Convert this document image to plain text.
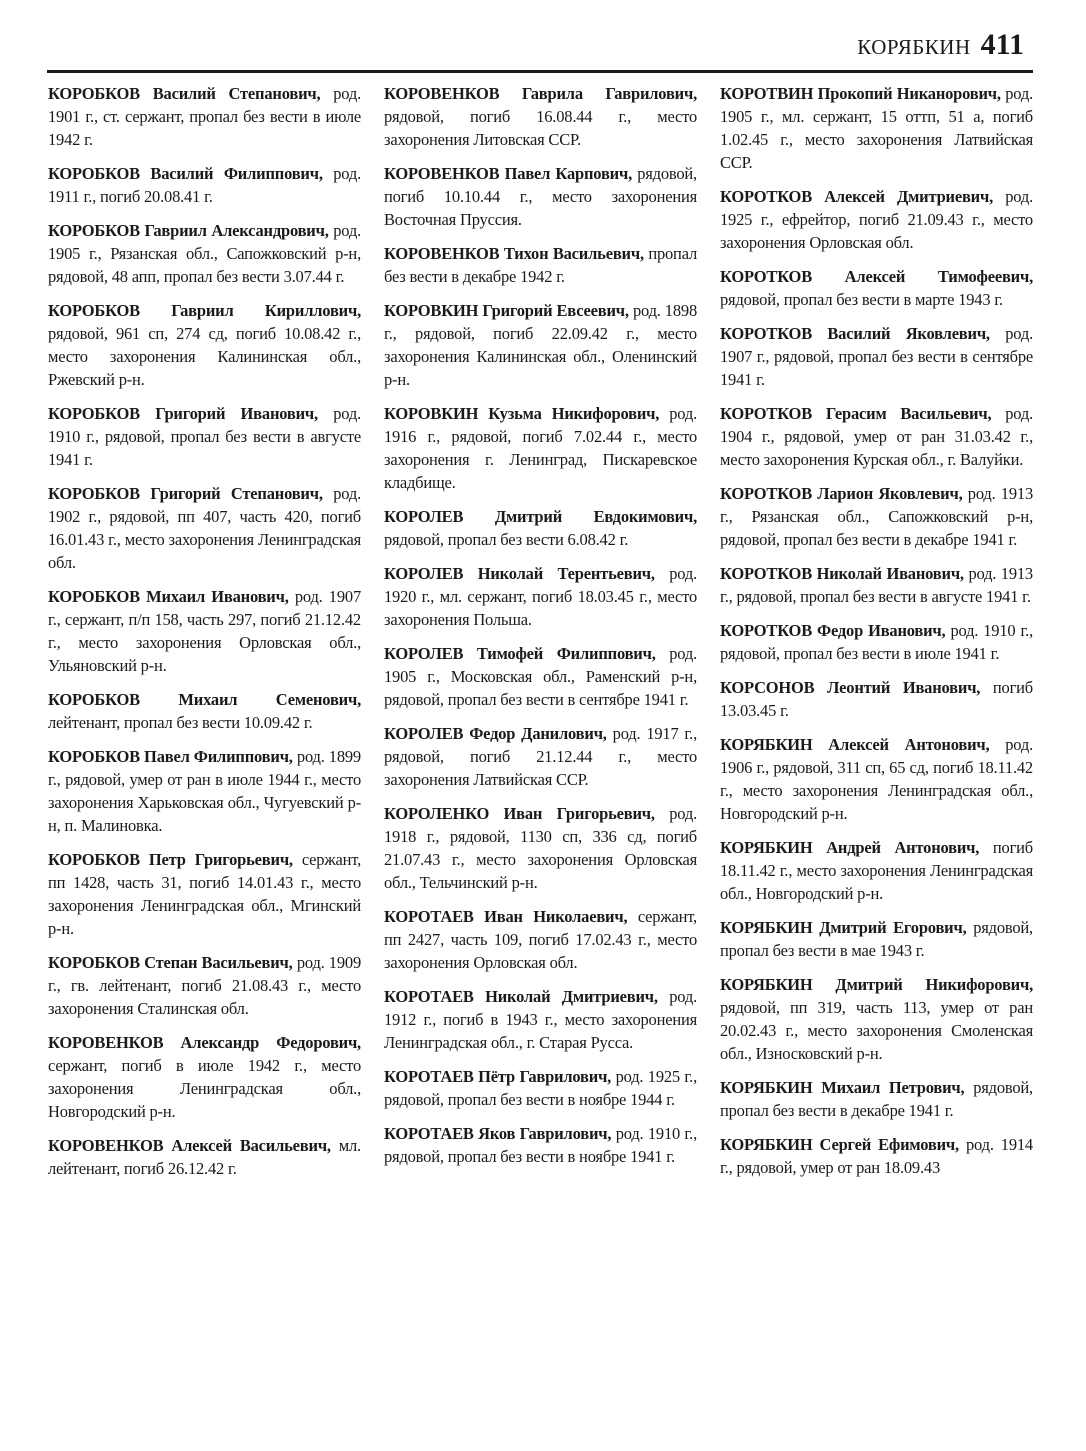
КОРЯБКИН 411

КОРОБКОВ Василий Степанович, род. 1901 г., ст. сержант, пропал без вести в июле 1942 г.

КОРОБКОВ Василий Филиппович, род. 1911 г., погиб 20.08.41 г.

КОРОБКОВ Гавриил Александрович, род. 1905 г., Рязанская обл., Сапожковский р-н, рядовой, 48 апп, пропал без вести 3.07.44 г.

КОРОБКОВ Гавриил Кириллович, рядовой, 961 сп, 274 сд, погиб 10.08.42 г., место захоронения Калининская обл., Ржевский р-н.

КОРОБКОВ Григорий Иванович, род. 1910 г., рядовой, пропал без вести в августе 1941 г.

КОРОБКОВ Григорий Степанович, род. 1902 г., рядовой, пп 407, часть 420, погиб 16.01.43 г., место захоронения Ленинградская обл.

КОРОБКОВ Михаил Иванович, род. 1907 г., сержант, п/п 158, часть 297, погиб 21.12.42 г., место захоронения Орловская обл., Ульяновский р-н.

КОРОБКОВ Михаил Семенович, лейтенант, пропал без вести 10.09.42 г.

КОРОБКОВ Павел Филиппович, род. 1899 г., рядовой, умер от ран в июле 1944 г., место захоронения Харьковская обл., Чугуевский р-н, п. Малиновка.

КОРОБКОВ Петр Григорьевич, сержант, пп 1428, часть 31, погиб 14.01.43 г., место захоронения Ленинградская обл., Мгинский р-н.

КОРОБКОВ Степан Васильевич, род. 1909 г., гв. лейтенант, погиб 21.08.43 г., место захоронения Сталинская обл.

КОРОВЕНКОВ Александр Федорович, сержант, погиб в июле 1942 г., место захоронения Ленинградская обл., Новгородский р-н.

КОРОВЕНКОВ Алексей Васильевич, мл. лейтенант, погиб 26.12.42 г.

КОРОВЕНКОВ Гаврила Гаврилович, рядовой, погиб 16.08.44 г., место захоронения Литовская ССР.

КОРОВЕНКОВ Павел Карпович, рядовой, погиб 10.10.44 г., место захоронения Восточная Пруссия.

КОРОВЕНКОВ Тихон Васильевич, пропал без вести в декабре 1942 г.

КОРОВКИН Григорий Евсеевич, род. 1898 г., рядовой, погиб 22.09.42 г., место захоронения Калининская обл., Оленинский р-н.

КОРОВКИН Кузьма Никифорович, род. 1916 г., рядовой, погиб 7.02.44 г., место захоронения г. Ленинград, Пискаревское кладбище.

КОРОЛЕВ Дмитрий Евдокимович, рядовой, пропал без вести 6.08.42 г.

КОРОЛЕВ Николай Терентьевич, род. 1920 г., мл. сержант, погиб 18.03.45 г., место захоронения Польша.

КОРОЛЕВ Тимофей Филиппович, род. 1905 г., Московская обл., Раменский р-н, рядовой, пропал без вести в сентябре 1941 г.

КОРОЛЕВ Федор Данилович, род. 1917 г., рядовой, погиб 21.12.44 г., место захоронения Латвийская ССР.

КОРОЛЕНКО Иван Григорьевич, род. 1918 г., рядовой, 1130 сп, 336 сд, погиб 21.07.43 г., место захоронения Орловская обл., Тельчинский р-н.

КОРОТАЕВ Иван Николаевич, сержант, пп 2427, часть 109, погиб 17.02.43 г., место захоронения Орловская обл.

КОРОТАЕВ Николай Дмитриевич, род. 1912 г., погиб в 1943 г., место захоронения Ленинградская обл., г. Старая Русса.

КОРОТАЕВ Пётр Гаврилович, род. 1925 г., рядовой, пропал без вести в ноябре 1944 г.

КОРОТАЕВ Яков Гаврилович, род. 1910 г., рядовой, пропал без вести в ноябре 1941 г.

КОРОТВИН Прокопий Никанорович, род. 1905 г., мл. сержант, 15 оттп, 51 а, погиб 1.02.45 г., место захоронения Латвийская ССР.

КОРОТКОВ Алексей Дмитриевич, род. 1925 г., ефрейтор, погиб 21.09.43 г., место захоронения Орловская обл.

КОРОТКОВ Алексей Тимофеевич, рядовой, пропал без вести в марте 1943 г.

КОРОТКОВ Василий Яковлевич, род. 1907 г., рядовой, пропал без вести в сентябре 1941 г.

КОРОТКОВ Герасим Васильевич, род. 1904 г., рядовой, умер от ран 31.03.42 г., место захоронения Курская обл., г. Валуйки.

КОРОТКОВ Ларион Яковлевич, род. 1913 г., Рязанская обл., Сапожковский р-н, рядовой, пропал без вести в декабре 1941 г.

КОРОТКОВ Николай Иванович, род. 1913 г., рядовой, пропал без вести в августе 1941 г.

КОРОТКОВ Федор Иванович, род. 1910 г., рядовой, пропал без вести в июле 1941 г.

КОРСОНОВ Леонтий Иванович, погиб 13.03.45 г.

КОРЯБКИН Алексей Антонович, род. 1906 г., рядовой, 311 сп, 65 сд, погиб 18.11.42 г., место захоронения Ленинградская обл., Новгородский р-н.

КОРЯБКИН Андрей Антонович, погиб 18.11.42 г., место захоронения Ленинградская обл., Новгородский р-н.

КОРЯБКИН Дмитрий Егорович, рядовой, пропал без вести в мае 1943 г.

КОРЯБКИН Дмитрий Никифорович, рядовой, пп 319, часть 113, умер от ран 20.02.43 г., место захоронения Смоленская обл., Износковский р-н.

КОРЯБКИН Михаил Петрович, рядовой, пропал без вести в декабре 1941 г.

КОРЯБКИН Сергей Ефимович, род. 1914 г., рядовой, умер от ран 18.09.43
